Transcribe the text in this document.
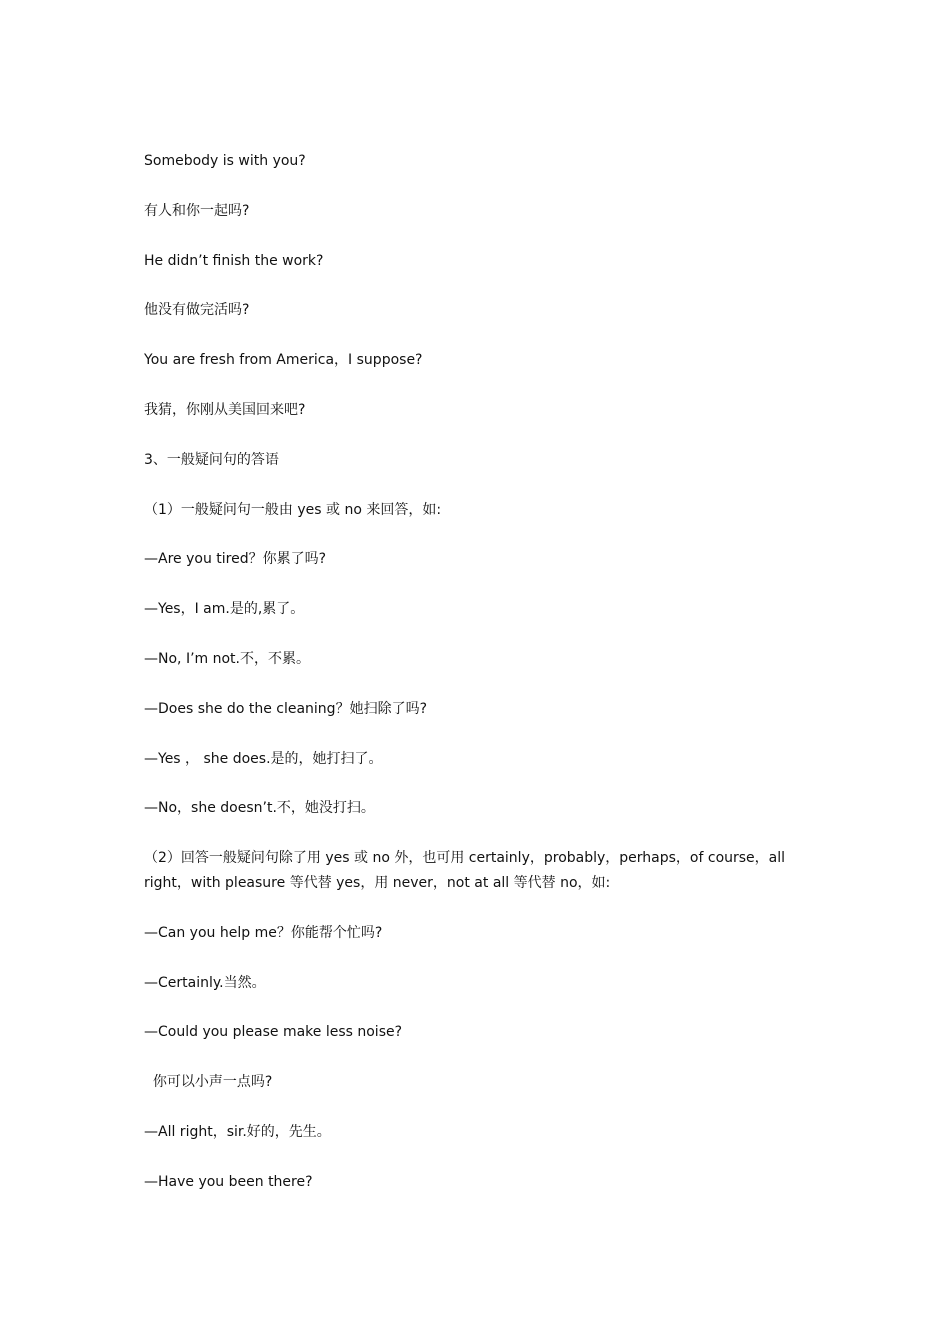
Somebody is with you?
有人和你一起吗?
He didn’t finish the work?
他没有做完活吗?
You are fresh from America，I suppose?
我猜，你刚从美国回来吧?
3、一般疑问句的答语
（1）一般疑问句一般由 yes 或 no 来回答，如:
—Are you tired？你累了吗?
—Yes，I am.是的,累了。
—No, I’m not.不，不累。
—Does she do the cleaning？她扫除了吗?
—Yes ， she does.是的，她打扫了。
—No，she doesn’t.不，她没打扫。
（2）回答一般疑问句除了用 yes 或 no 外，也可用 certainly，probably，perhaps，of course，all right，with pleasure 等代替 yes，用 never，not at all 等代替 no，如:
—Can you help me？你能帮个忙吗?
—Certainly.当然。
—Could you please make less noise?
你可以小声一点吗?
—All right，sir.好的，先生。
—Have you been there?
